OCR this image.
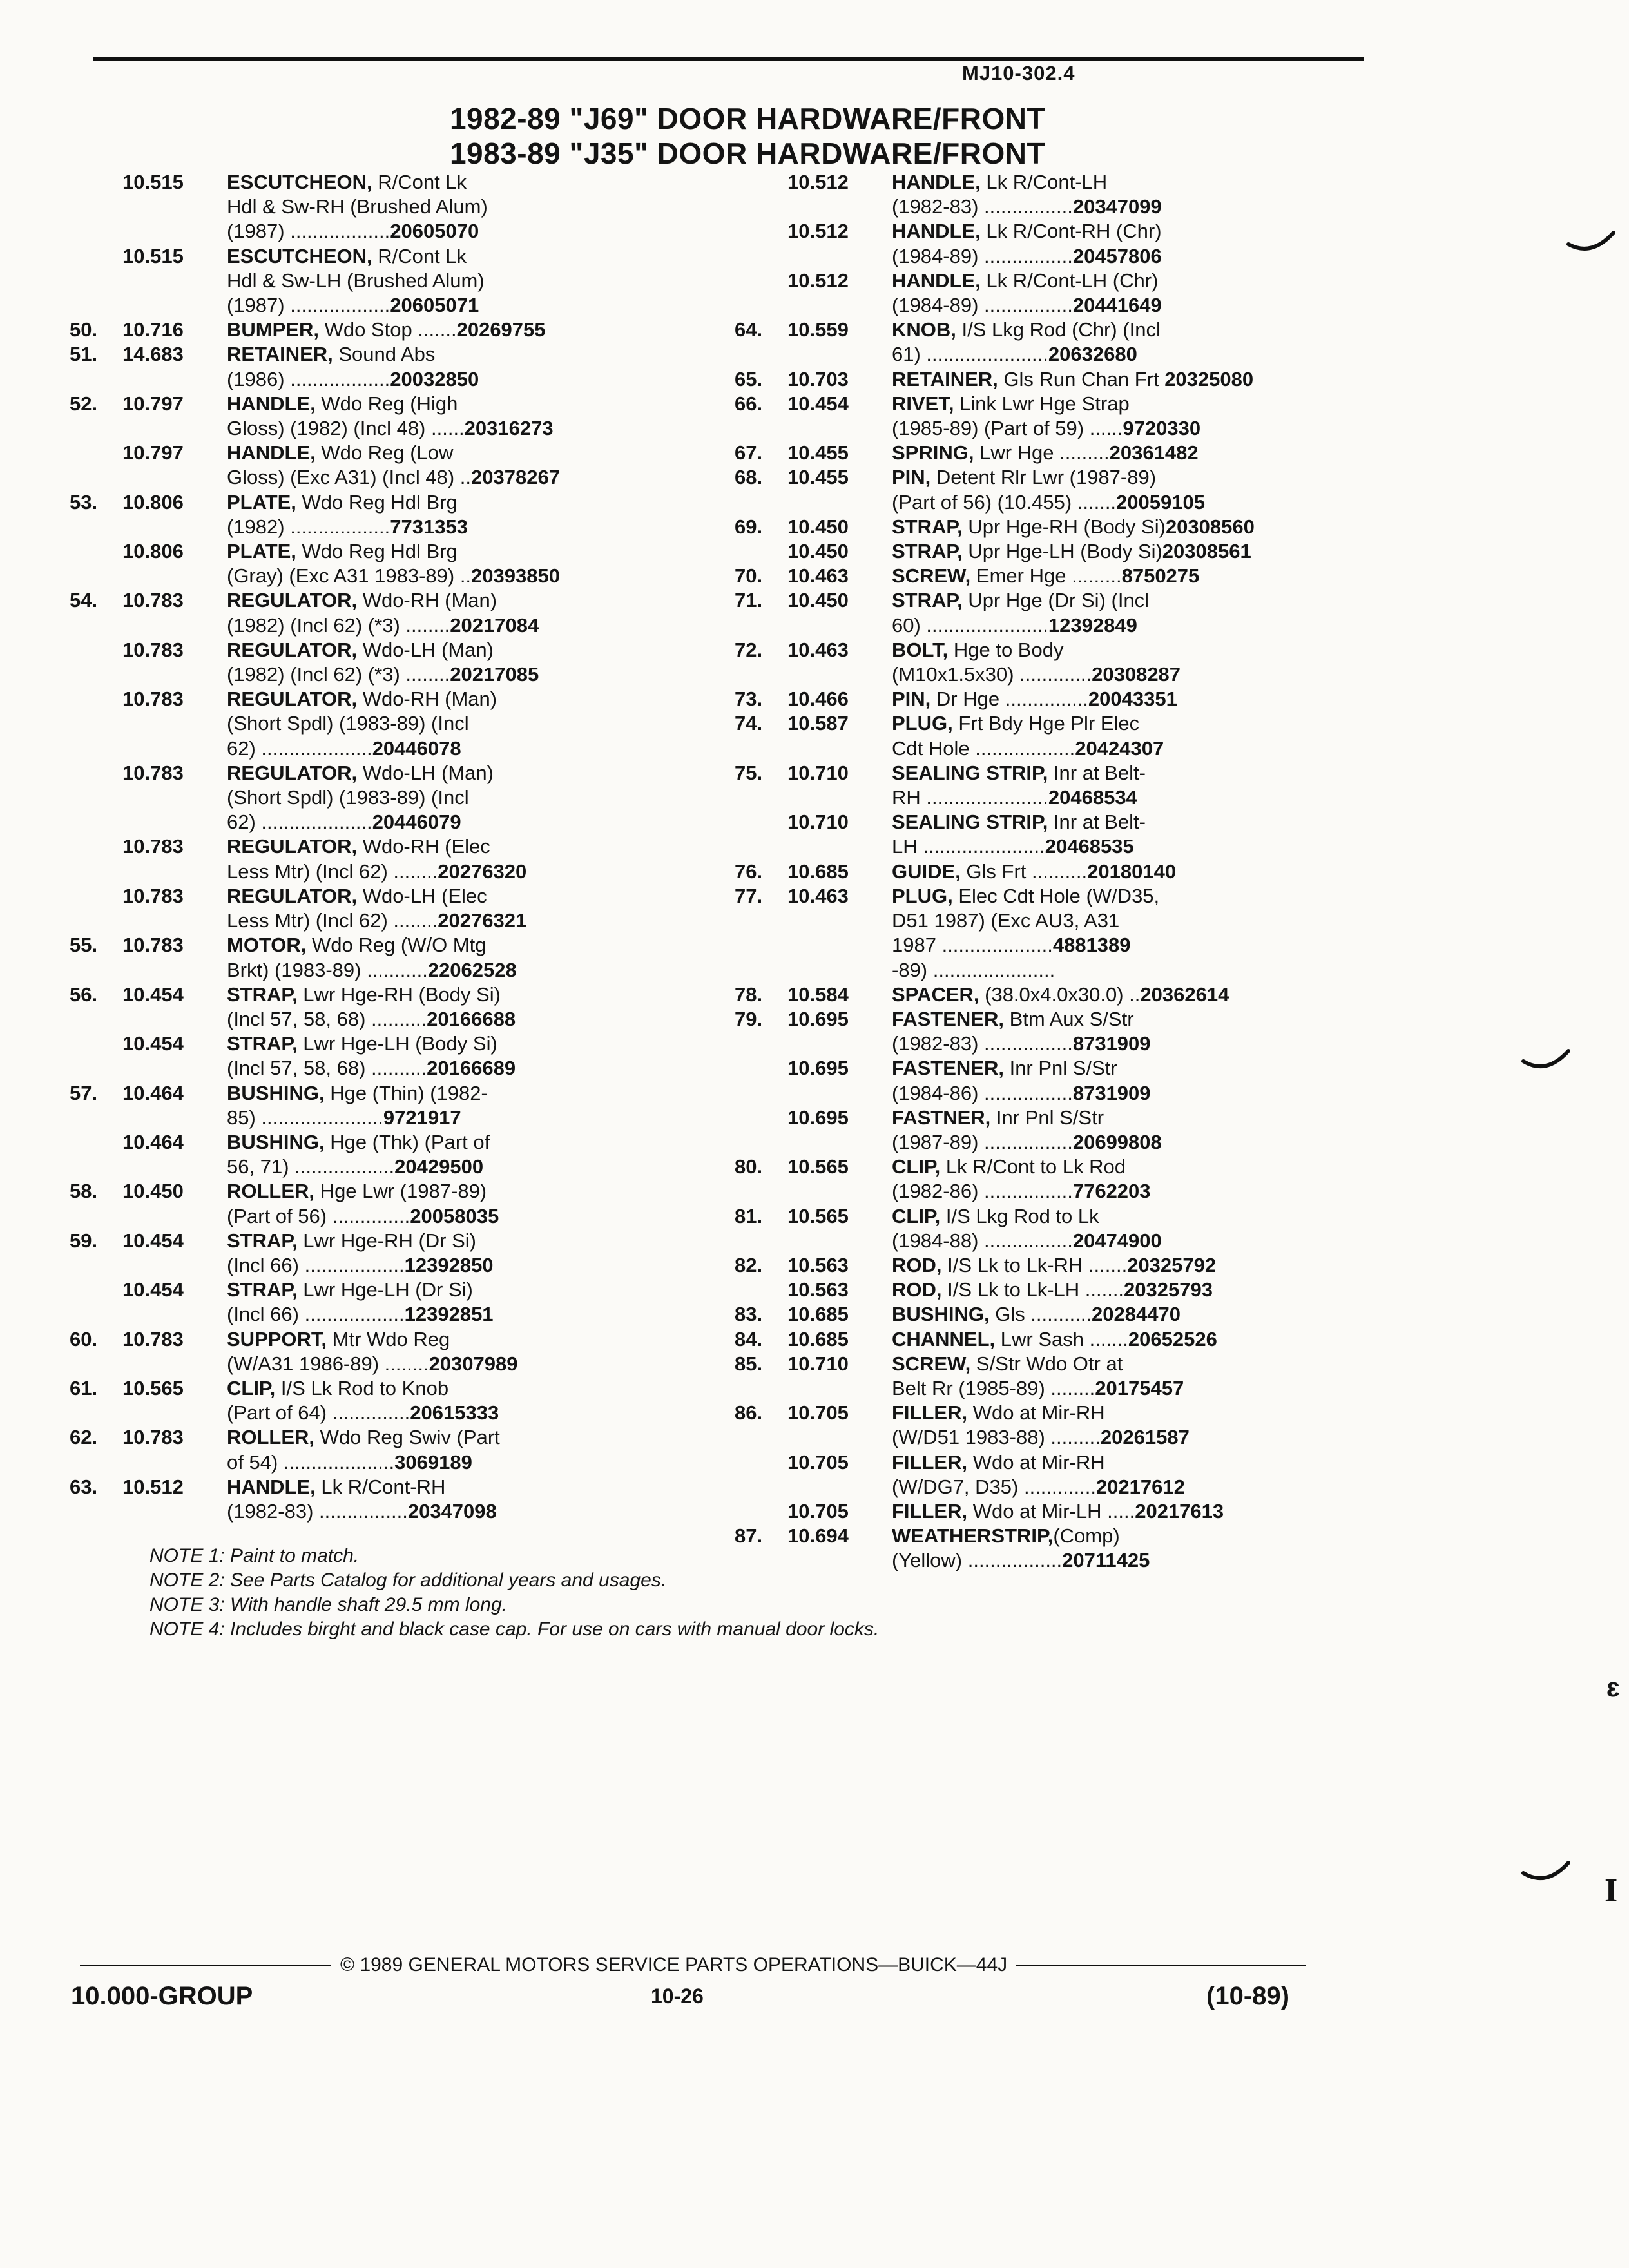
MJ10-302.4
1982-89 "J69" DOOR HARDWARE/FRONT
1983-89 "J35" DOOR HARDWARE/FRONT
10.515	ESCUTCHEON, R/Cont Lk
Hdl & Sw-RH (Brushed Alum)
(1987) ..................20605070
10.515	ESCUTCHEON, R/Cont Lk
Hdl & Sw-LH (Brushed Alum)
(1987) ..................20605071
50.	10.716	BUMPER, Wdo Stop .......20269755
51.	14.683	RETAINER, Sound Abs
(1986) ..................20032850
52.	10.797	HANDLE, Wdo Reg (High
Gloss) (1982) (Incl 48) ......20316273
10.797	HANDLE, Wdo Reg (Low
Gloss) (Exc A31) (Incl 48) ..20378267
53.	10.806	PLATE, Wdo Reg Hdl Brg
(1982) ..................7731353
10.806	PLATE, Wdo Reg Hdl Brg
(Gray) (Exc A31 1983-89) ..20393850
54.	10.783	REGULATOR, Wdo-RH (Man)
(1982) (Incl 62) (*3) ........20217084
10.783	REGULATOR, Wdo-LH (Man)
(1982) (Incl 62) (*3) ........20217085
10.783	REGULATOR, Wdo-RH (Man)
(Short Spdl) (1983-89) (Incl
62) ....................20446078
10.783	REGULATOR, Wdo-LH (Man)
(Short Spdl) (1983-89) (Incl
62) ....................20446079
10.783	REGULATOR, Wdo-RH (Elec
Less Mtr) (Incl 62) ........20276320
10.783	REGULATOR, Wdo-LH (Elec
Less Mtr) (Incl 62) ........20276321
55.	10.783	MOTOR, Wdo Reg (W/O Mtg
Brkt) (1983-89) ...........22062528
56.	10.454	STRAP, Lwr Hge-RH (Body Si)
(Incl 57, 58, 68) ..........20166688
10.454	STRAP, Lwr Hge-LH (Body Si)
(Incl 57, 58, 68) ..........20166689
57.	10.464	BUSHING, Hge (Thin) (1982-
85) ......................9721917
10.464	BUSHING, Hge (Thk) (Part of
56, 71) ..................20429500
58.	10.450	ROLLER, Hge Lwr (1987-89)
(Part of 56) ..............20058035
59.	10.454	STRAP, Lwr Hge-RH (Dr Si)
(Incl 66) ..................12392850
10.454	STRAP, Lwr Hge-LH (Dr Si)
(Incl 66) ..................12392851
60.	10.783	SUPPORT, Mtr Wdo Reg
(W/A31 1986-89) ........20307989
61.	10.565	CLIP, I/S Lk Rod to Knob
(Part of 64) ..............20615333
62.	10.783	ROLLER, Wdo Reg Swiv (Part
of 54) ....................3069189
63.	10.512	HANDLE, Lk R/Cont-RH
(1982-83) ................20347098
10.512	HANDLE, Lk R/Cont-LH
(1982-83) ................20347099
10.512	HANDLE, Lk R/Cont-RH (Chr)
(1984-89) ................20457806
10.512	HANDLE, Lk R/Cont-LH (Chr)
(1984-89) ................20441649
64.	10.559	KNOB, I/S Lkg Rod (Chr) (Incl
61) ......................20632680
65.	10.703	RETAINER, Gls Run Chan Frt 20325080
66.	10.454	RIVET, Link Lwr Hge Strap
(1985-89) (Part of 59) ......9720330
67.	10.455	SPRING, Lwr Hge .........20361482
68.	10.455	PIN, Detent Rlr Lwr (1987-89)
(Part of 56) (10.455) .......20059105
69.	10.450	STRAP, Upr Hge-RH (Body Si)20308560
10.450	STRAP, Upr Hge-LH (Body Si)20308561
70.	10.463	SCREW, Emer Hge .........8750275
71.	10.450	STRAP, Upr Hge (Dr Si) (Incl
60) ......................12392849
72.	10.463	BOLT, Hge to Body
(M10x1.5x30) .............20308287
73.	10.466	PIN, Dr Hge ...............20043351
74.	10.587	PLUG, Frt Bdy Hge Plr Elec
Cdt Hole ..................20424307
75.	10.710	SEALING STRIP, Inr at Belt-
RH ......................20468534
10.710	SEALING STRIP, Inr at Belt-
LH ......................20468535
76.	10.685	GUIDE, Gls Frt ..........20180140
77.	10.463	PLUG, Elec Cdt Hole (W/D35,
D51 1987) (Exc AU3, A31
1987 ....................4881389
-89) ......................
78.	10.584	SPACER, (38.0x4.0x30.0) ..20362614
79.	10.695	FASTENER, Btm Aux S/Str
(1982-83) ................8731909
10.695	FASTENER, Inr Pnl S/Str
(1984-86) ................8731909
10.695	FASTNER, Inr Pnl S/Str
(1987-89) ................20699808
80.	10.565	CLIP, Lk R/Cont to Lk Rod
(1982-86) ................7762203
81.	10.565	CLIP, I/S Lkg Rod to Lk
(1984-88) ................20474900
82.	10.563	ROD, I/S Lk to Lk-RH .......20325792
10.563	ROD, I/S Lk to Lk-LH .......20325793
83.	10.685	BUSHING, Gls ...........20284470
84.	10.685	CHANNEL, Lwr Sash .......20652526
85.	10.710	SCREW, S/Str Wdo Otr at
Belt Rr (1985-89) ........20175457
86.	10.705	FILLER, Wdo at Mir-RH
(W/D51 1983-88) .........20261587
10.705	FILLER, Wdo at Mir-RH
(W/DG7, D35) .............20217612
10.705	FILLER, Wdo at Mir-LH .....20217613
87.	10.694	WEATHERSTRIP,(Comp)
(Yellow) .................20711425
NOTE 1: Paint to match.
NOTE 2: See Parts Catalog for additional years and usages.
NOTE 3: With handle shaft 29.5 mm long.
NOTE 4: Includes birght and black case cap. For use on cars with manual door locks.
© 1989 GENERAL MOTORS SERVICE PARTS OPERATIONS—BUICK—44J
10.000-GROUP	10-26	(10-89)
ɛ
I
